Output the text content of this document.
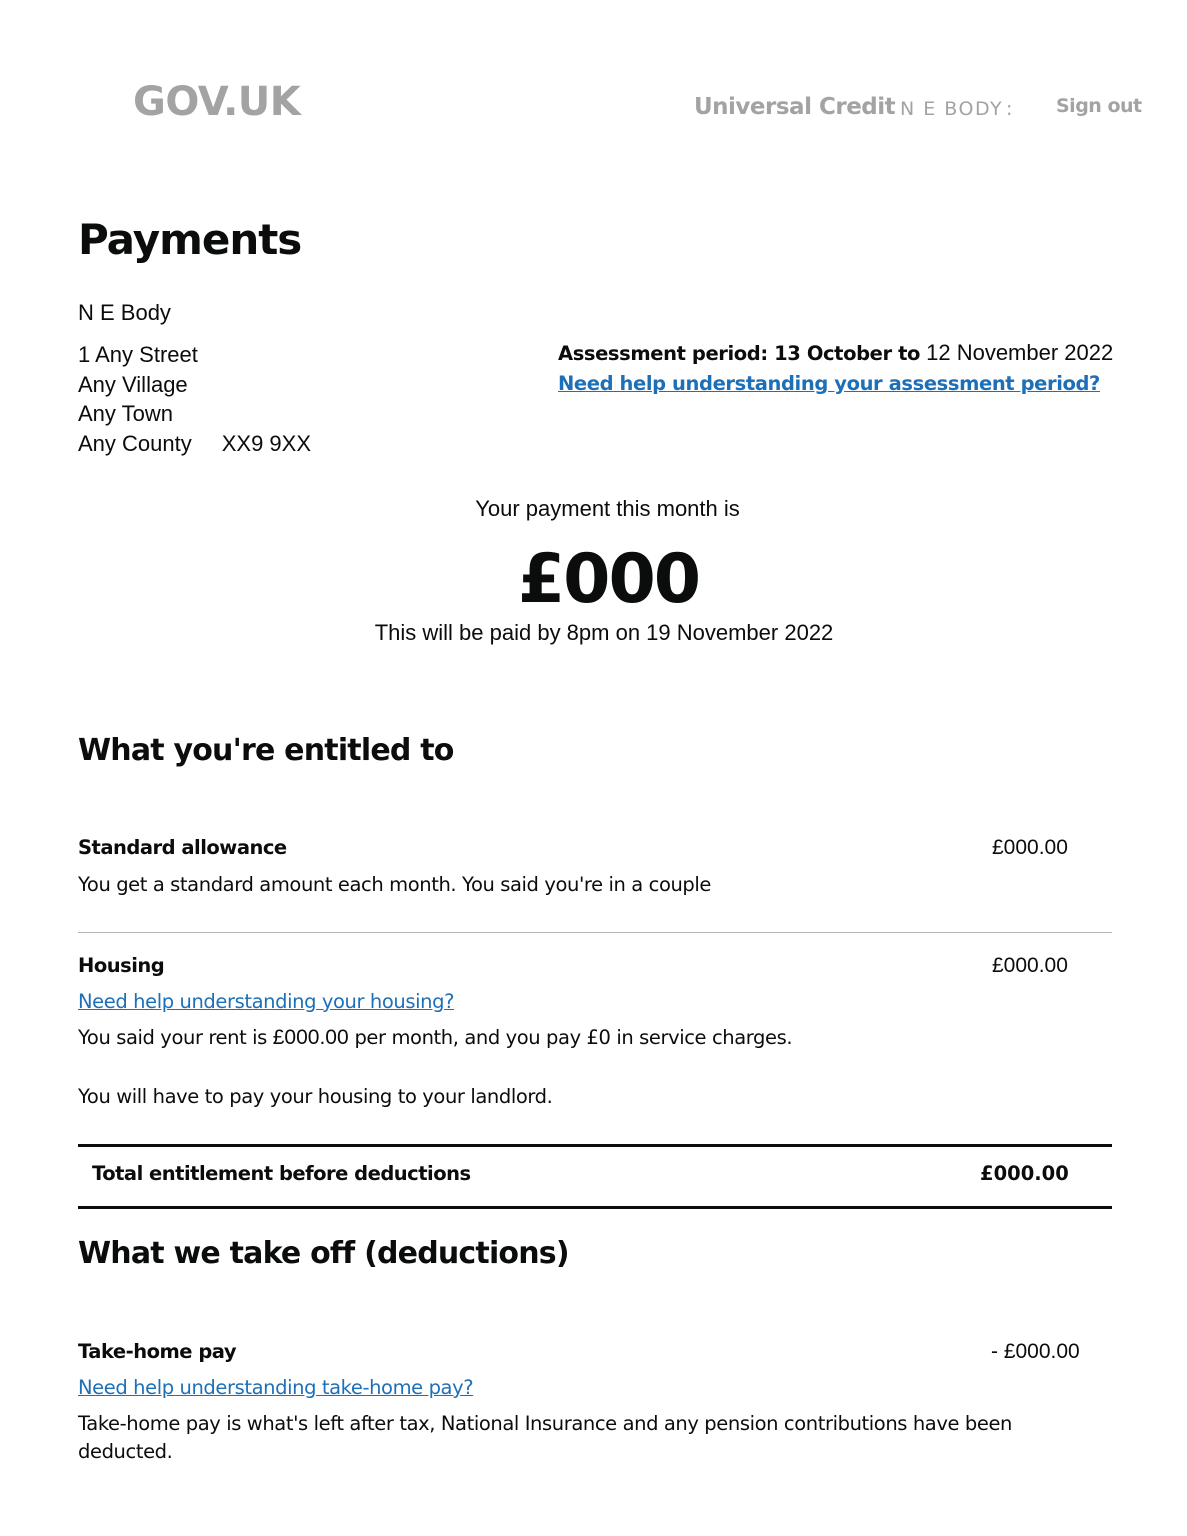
GOV.UK	Universal Credit N E BODY : Sign out
Payments
N E Body
1 Any Street
Any Village
Any Town
Any County XX9 9XX
Assessment period: 13 October to 12 November 2022
Need help understanding your assessment period?
Your payment this month is
£000
This will be paid by 8pm on 19 November 2022
What you're entitled to
Standard allowance	£000.00
You get a standard amount each month. You said you're in a couple
Housing	£000.00
Need help understanding your housing?
You said your rent is £000.00 per month, and you pay £0 in service charges.
You will have to pay your housing to your landlord.
Total entitlement before deductions	£000.00
What we take off (deductions)
Take-home pay	- £000.00
Need help understanding take-home pay?
Take-home pay is what's left after tax, National Insurance and any pension contributions have been deducted.
